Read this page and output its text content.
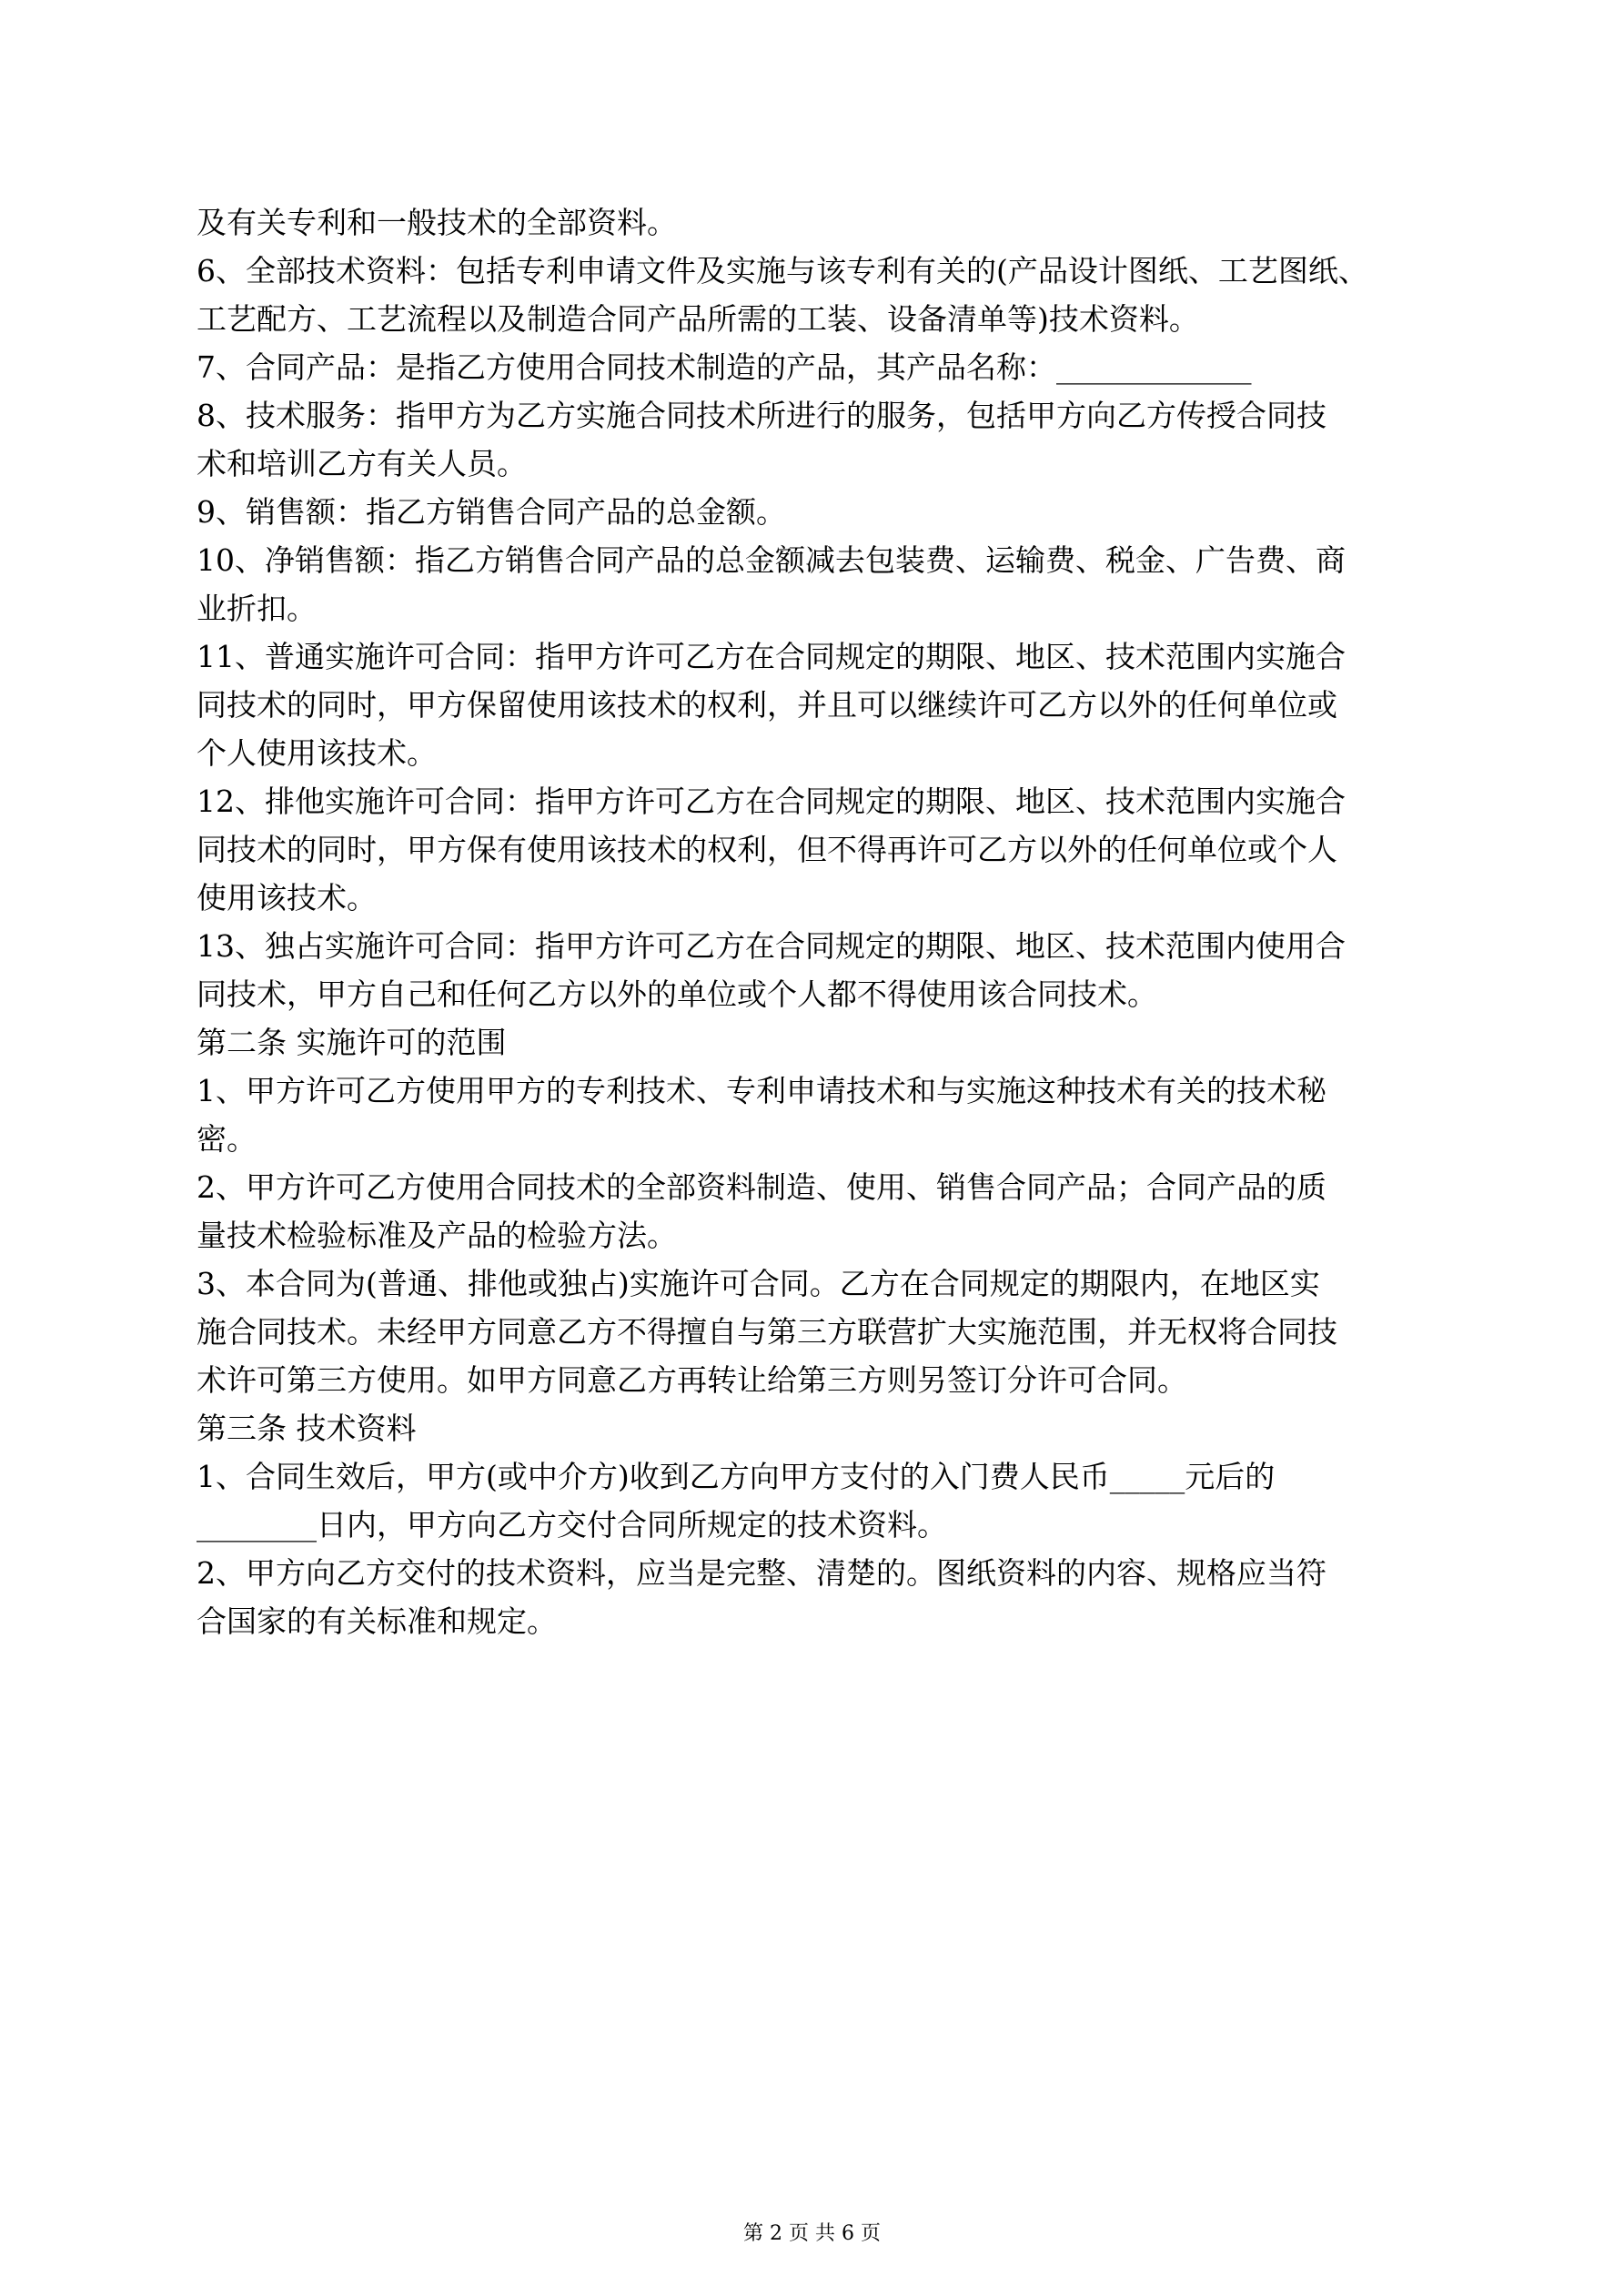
及有关专利和一般技术的全部资料。

6、全部技术资料：包括专利申请文件及实施与该专利有关的(产品设计图纸、工艺图纸、

工艺配方、工艺流程以及制造合同产品所需的工装、设备清单等)技术资料。

7、合同产品：是指乙方使用合同技术制造的产品，其产品名称：_____________

8、技术服务：指甲方为乙方实施合同技术所进行的服务，包括甲方向乙方传授合同技

术和培训乙方有关人员。

9、销售额：指乙方销售合同产品的总金额。

10、净销售额：指乙方销售合同产品的总金额减去包装费、运输费、税金、广告费、商

业折扣。

11、普通实施许可合同：指甲方许可乙方在合同规定的期限、地区、技术范围内实施合

同技术的同时，甲方保留使用该技术的权利，并且可以继续许可乙方以外的任何单位或

个人使用该技术。

12、排他实施许可合同：指甲方许可乙方在合同规定的期限、地区、技术范围内实施合

同技术的同时，甲方保有使用该技术的权利，但不得再许可乙方以外的任何单位或个人

使用该技术。

13、独占实施许可合同：指甲方许可乙方在合同规定的期限、地区、技术范围内使用合

同技术，甲方自己和任何乙方以外的单位或个人都不得使用该合同技术。

第二条 实施许可的范围

1、甲方许可乙方使用甲方的专利技术、专利申请技术和与实施这种技术有关的技术秘

密。

2、甲方许可乙方使用合同技术的全部资料制造、使用、销售合同产品；合同产品的质

量技术检验标准及产品的检验方法。

3、本合同为(普通、排他或独占)实施许可合同。乙方在合同规定的期限内，在地区实

施合同技术。未经甲方同意乙方不得擅自与第三方联营扩大实施范围，并无权将合同技

术许可第三方使用。如甲方同意乙方再转让给第三方则另签订分许可合同。

第三条 技术资料

1、合同生效后，甲方(或中介方)收到乙方向甲方支付的入门费人民币_____元后的

________日内，甲方向乙方交付合同所规定的技术资料。

2、甲方向乙方交付的技术资料，应当是完整、清楚的。图纸资料的内容、规格应当符

合国家的有关标准和规定。

第 2 页 共 6 页
